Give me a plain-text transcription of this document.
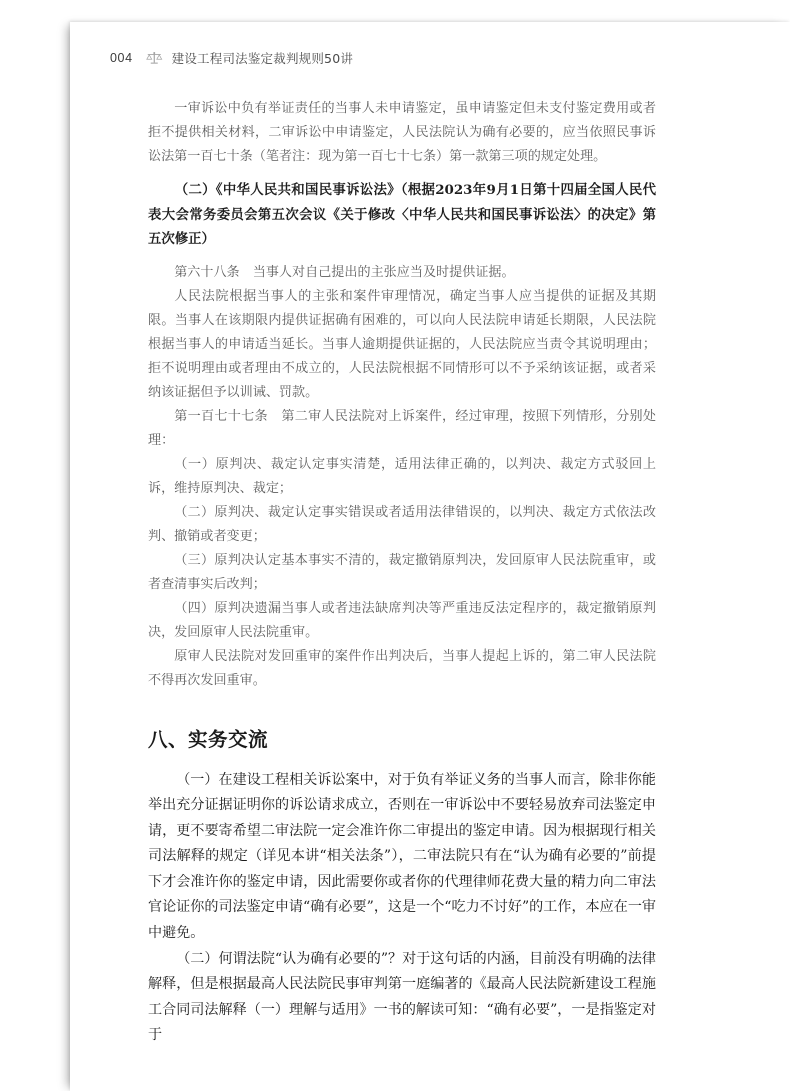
004	建设工程司法鉴定裁判规则50讲

一审诉讼中负有举证责任的当事人未申请鉴定，虽申请鉴定但未支付鉴定费用或者拒不提供相关材料，二审诉讼中申请鉴定，人民法院认为确有必要的，应当依照民事诉讼法第一百七十条（笔者注：现为第一百七十七条）第一款第三项的规定处理。

（二）《中华人民共和国民事诉讼法》（根据2023年9月1日第十四届全国人民代表大会常务委员会第五次会议《关于修改〈中华人民共和国民事诉讼法〉的决定》第五次修正）

第六十八条　当事人对自己提出的主张应当及时提供证据。

人民法院根据当事人的主张和案件审理情况，确定当事人应当提供的证据及其期限。当事人在该期限内提供证据确有困难的，可以向人民法院申请延长期限，人民法院根据当事人的申请适当延长。当事人逾期提供证据的，人民法院应当责令其说明理由；拒不说明理由或者理由不成立的，人民法院根据不同情形可以不予采纳该证据，或者采纳该证据但予以训诫、罚款。

第一百七十七条　第二审人民法院对上诉案件，经过审理，按照下列情形，分别处理：

（一）原判决、裁定认定事实清楚，适用法律正确的，以判决、裁定方式驳回上诉，维持原判决、裁定；

（二）原判决、裁定认定事实错误或者适用法律错误的，以判决、裁定方式依法改判、撤销或者变更；

（三）原判决认定基本事实不清的，裁定撤销原判决，发回原审人民法院重审，或者查清事实后改判；

（四）原判决遗漏当事人或者违法缺席判决等严重违反法定程序的，裁定撤销原判决，发回原审人民法院重审。

原审人民法院对发回重审的案件作出判决后，当事人提起上诉的，第二审人民法院不得再次发回重审。

八、实务交流

（一）在建设工程相关诉讼案中，对于负有举证义务的当事人而言，除非你能举出充分证据证明你的诉讼请求成立，否则在一审诉讼中不要轻易放弃司法鉴定申请，更不要寄希望二审法院一定会准许你二审提出的鉴定申请。因为根据现行相关司法解释的规定（详见本讲“相关法条”），二审法院只有在“认为确有必要的”前提下才会准许你的鉴定申请，因此需要你或者你的代理律师花费大量的精力向二审法官论证你的司法鉴定申请“确有必要”，这是一个“吃力不讨好”的工作，本应在一审中避免。

（二）何谓法院“认为确有必要的”？对于这句话的内涵，目前没有明确的法律解释，但是根据最高人民法院民事审判第一庭编著的《最高人民法院新建设工程施工合同司法解释（一）理解与适用》一书的解读可知：“确有必要”，一是指鉴定对于
